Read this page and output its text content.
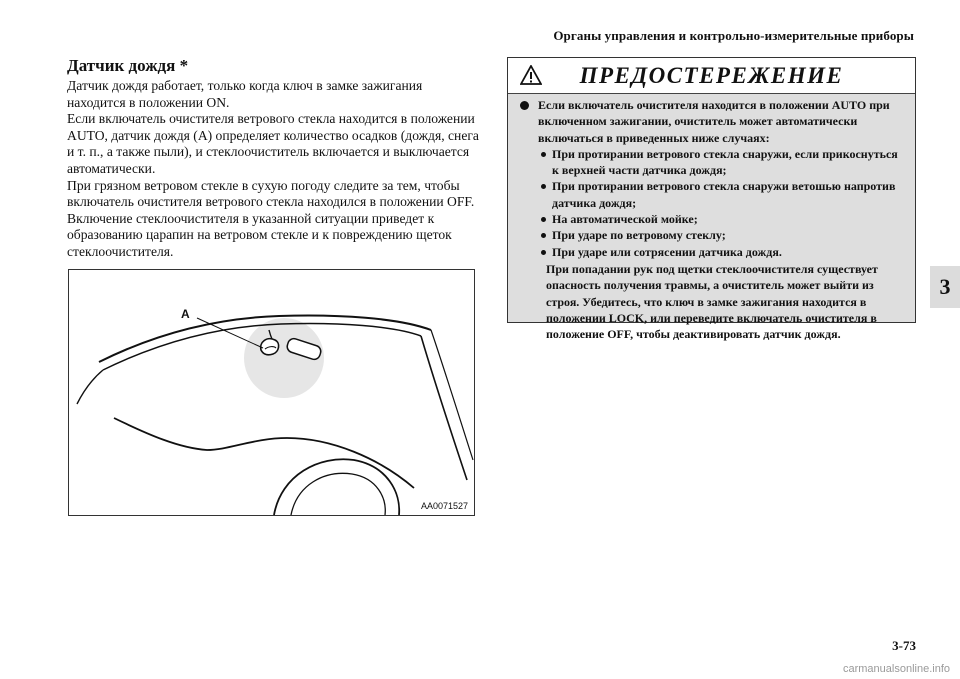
Органы управления и контрольно-измерительные приборы
3
Датчик дождя *

Датчик дождя работает, только когда ключ в замке зажигания находится в положении ON.

Если включатель очистителя ветрового стекла находится в положении AUTO, датчик дождя (A) определяет количество осадков (дождя, снега и т. п., а также пыли), и стеклоочиститель включается и выключается автоматически.

При грязном ветровом стекле в сухую погоду следите за тем, чтобы включатель очистителя ветрового стекла находился в положении OFF.

Включение стеклоочистителя в указанной ситуации приведет к образованию царапин на ветровом стекле и к повреждению щеток стеклоочистителя.

A
AA0071527
ПРЕДОСТЕРЕЖЕНИЕ
Если включатель очистителя находится в положении AUTO при включенном зажигании, очиститель может автоматически включаться в приведенных ниже случаях:
При протирании ветрового стекла снаружи, если прикоснуться к верхней части датчика дождя;
При протирании ветрового стекла снаружи ветошью напротив датчика дождя;
На автоматической мойке;
При ударе по ветровому стеклу;
При ударе или сотрясении датчика дождя.
При попадании рук под щетки стеклоочистителя существует опасность получения травмы, а очиститель может выйти из строя. Убедитесь, что ключ в замке зажигания находится в положении LOCK, или переведите включатель очистителя в положение OFF, чтобы деактивировать датчик дождя.
3-73
carmanualsonline.info
